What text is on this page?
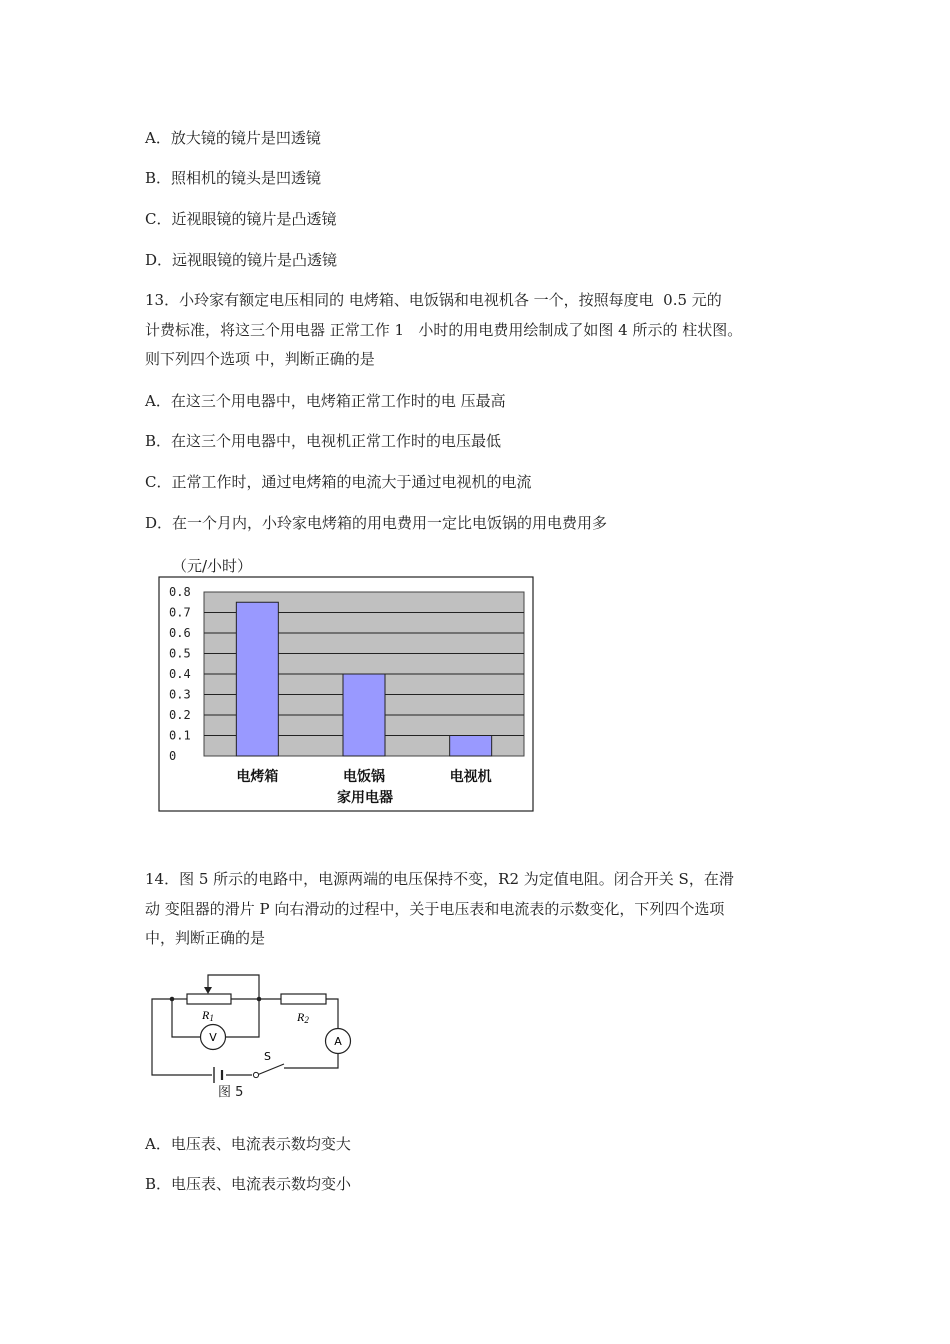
A．放大镜的镜片是凹透镜
B．照相机的镜头是凹透镜
C．近视眼镜的镜片是凸透镜
D．远视眼镜的镜片是凸透镜
13．小玲家有额定电压相同的 电烤箱、电饭锅和电视机各 一个，按照每度电  0.5 元的
计费标准，将这三个用电器 正常工作 1   小时的用电费用绘制成了如图 4 所示的 柱状图。
则下列四个选项 中，判断正确的是
A．在这三个用电器中，电烤箱正常工作时的电 压最高
B．在这三个用电器中，电视机正常工作时的电压最低
C．正常工作时，通过电烤箱的电流大于通过电视机的电流
D．在一个月内，小玲家电烤箱的用电费用一定比电饭锅的用电费用多
（元/小时）
0
0.1
0.2
0.3
0.4
0.5
0.6
0.7
0.8
电烤箱	电饭锅	电视机
家用电器
14．图 5 所示的电路中，电源两端的电压保持不变，R2 为定值电阻。闭合开关 S，在滑
动 变阻器的滑片 P 向右滑动的过程中，关于电压表和电流表的示数变化，下列四个选项
中，判断正确的是
R1	R2
V	A
S
图 5
A．电压表、电流表示数均变大
B．电压表、电流表示数均变小
